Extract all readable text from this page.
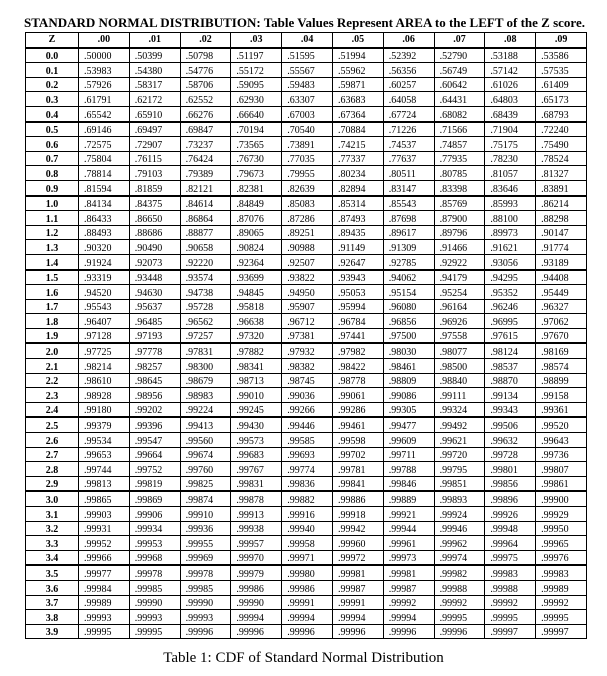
STANDARD NORMAL DISTRIBUTION: Table Values Represent AREA to the LEFT of the Z score.
Z	.00	.01	.02	.03	.04	.05	.06	.07	.08	.09
0.0	.50000	.50399	.50798	.51197	.51595	.51994	.52392	.52790	.53188	.53586
0.1	.53983	.54380	.54776	.55172	.55567	.55962	.56356	.56749	.57142	.57535
0.2	.57926	.58317	.58706	.59095	.59483	.59871	.60257	.60642	.61026	.61409
0.3	.61791	.62172	.62552	.62930	.63307	.63683	.64058	.64431	.64803	.65173
0.4	.65542	.65910	.66276	.66640	.67003	.67364	.67724	.68082	.68439	.68793
0.5	.69146	.69497	.69847	.70194	.70540	.70884	.71226	.71566	.71904	.72240
0.6	.72575	.72907	.73237	.73565	.73891	.74215	.74537	.74857	.75175	.75490
0.7	.75804	.76115	.76424	.76730	.77035	.77337	.77637	.77935	.78230	.78524
0.8	.78814	.79103	.79389	.79673	.79955	.80234	.80511	.80785	.81057	.81327
0.9	.81594	.81859	.82121	.82381	.82639	.82894	.83147	.83398	.83646	.83891
1.0	.84134	.84375	.84614	.84849	.85083	.85314	.85543	.85769	.85993	.86214
1.1	.86433	.86650	.86864	.87076	.87286	.87493	.87698	.87900	.88100	.88298
1.2	.88493	.88686	.88877	.89065	.89251	.89435	.89617	.89796	.89973	.90147
1.3	.90320	.90490	.90658	.90824	.90988	.91149	.91309	.91466	.91621	.91774
1.4	.91924	.92073	.92220	.92364	.92507	.92647	.92785	.92922	.93056	.93189
1.5	.93319	.93448	.93574	.93699	.93822	.93943	.94062	.94179	.94295	.94408
1.6	.94520	.94630	.94738	.94845	.94950	.95053	.95154	.95254	.95352	.95449
1.7	.95543	.95637	.95728	.95818	.95907	.95994	.96080	.96164	.96246	.96327
1.8	.96407	.96485	.96562	.96638	.96712	.96784	.96856	.96926	.96995	.97062
1.9	.97128	.97193	.97257	.97320	.97381	.97441	.97500	.97558	.97615	.97670
2.0	.97725	.97778	.97831	.97882	.97932	.97982	.98030	.98077	.98124	.98169
2.1	.98214	.98257	.98300	.98341	.98382	.98422	.98461	.98500	.98537	.98574
2.2	.98610	.98645	.98679	.98713	.98745	.98778	.98809	.98840	.98870	.98899
2.3	.98928	.98956	.98983	.99010	.99036	.99061	.99086	.99111	.99134	.99158
2.4	.99180	.99202	.99224	.99245	.99266	.99286	.99305	.99324	.99343	.99361
2.5	.99379	.99396	.99413	.99430	.99446	.99461	.99477	.99492	.99506	.99520
2.6	.99534	.99547	.99560	.99573	.99585	.99598	.99609	.99621	.99632	.99643
2.7	.99653	.99664	.99674	.99683	.99693	.99702	.99711	.99720	.99728	.99736
2.8	.99744	.99752	.99760	.99767	.99774	.99781	.99788	.99795	.99801	.99807
2.9	.99813	.99819	.99825	.99831	.99836	.99841	.99846	.99851	.99856	.99861
3.0	.99865	.99869	.99874	.99878	.99882	.99886	.99889	.99893	.99896	.99900
3.1	.99903	.99906	.99910	.99913	.99916	.99918	.99921	.99924	.99926	.99929
3.2	.99931	.99934	.99936	.99938	.99940	.99942	.99944	.99946	.99948	.99950
3.3	.99952	.99953	.99955	.99957	.99958	.99960	.99961	.99962	.99964	.99965
3.4	.99966	.99968	.99969	.99970	.99971	.99972	.99973	.99974	.99975	.99976
3.5	.99977	.99978	.99978	.99979	.99980	.99981	.99981	.99982	.99983	.99983
3.6	.99984	.99985	.99985	.99986	.99986	.99987	.99987	.99988	.99988	.99989
3.7	.99989	.99990	.99990	.99990	.99991	.99991	.99992	.99992	.99992	.99992
3.8	.99993	.99993	.99993	.99994	.99994	.99994	.99994	.99995	.99995	.99995
3.9	.99995	.99995	.99996	.99996	.99996	.99996	.99996	.99996	.99997	.99997
Table 1: CDF of Standard Normal Distribution
